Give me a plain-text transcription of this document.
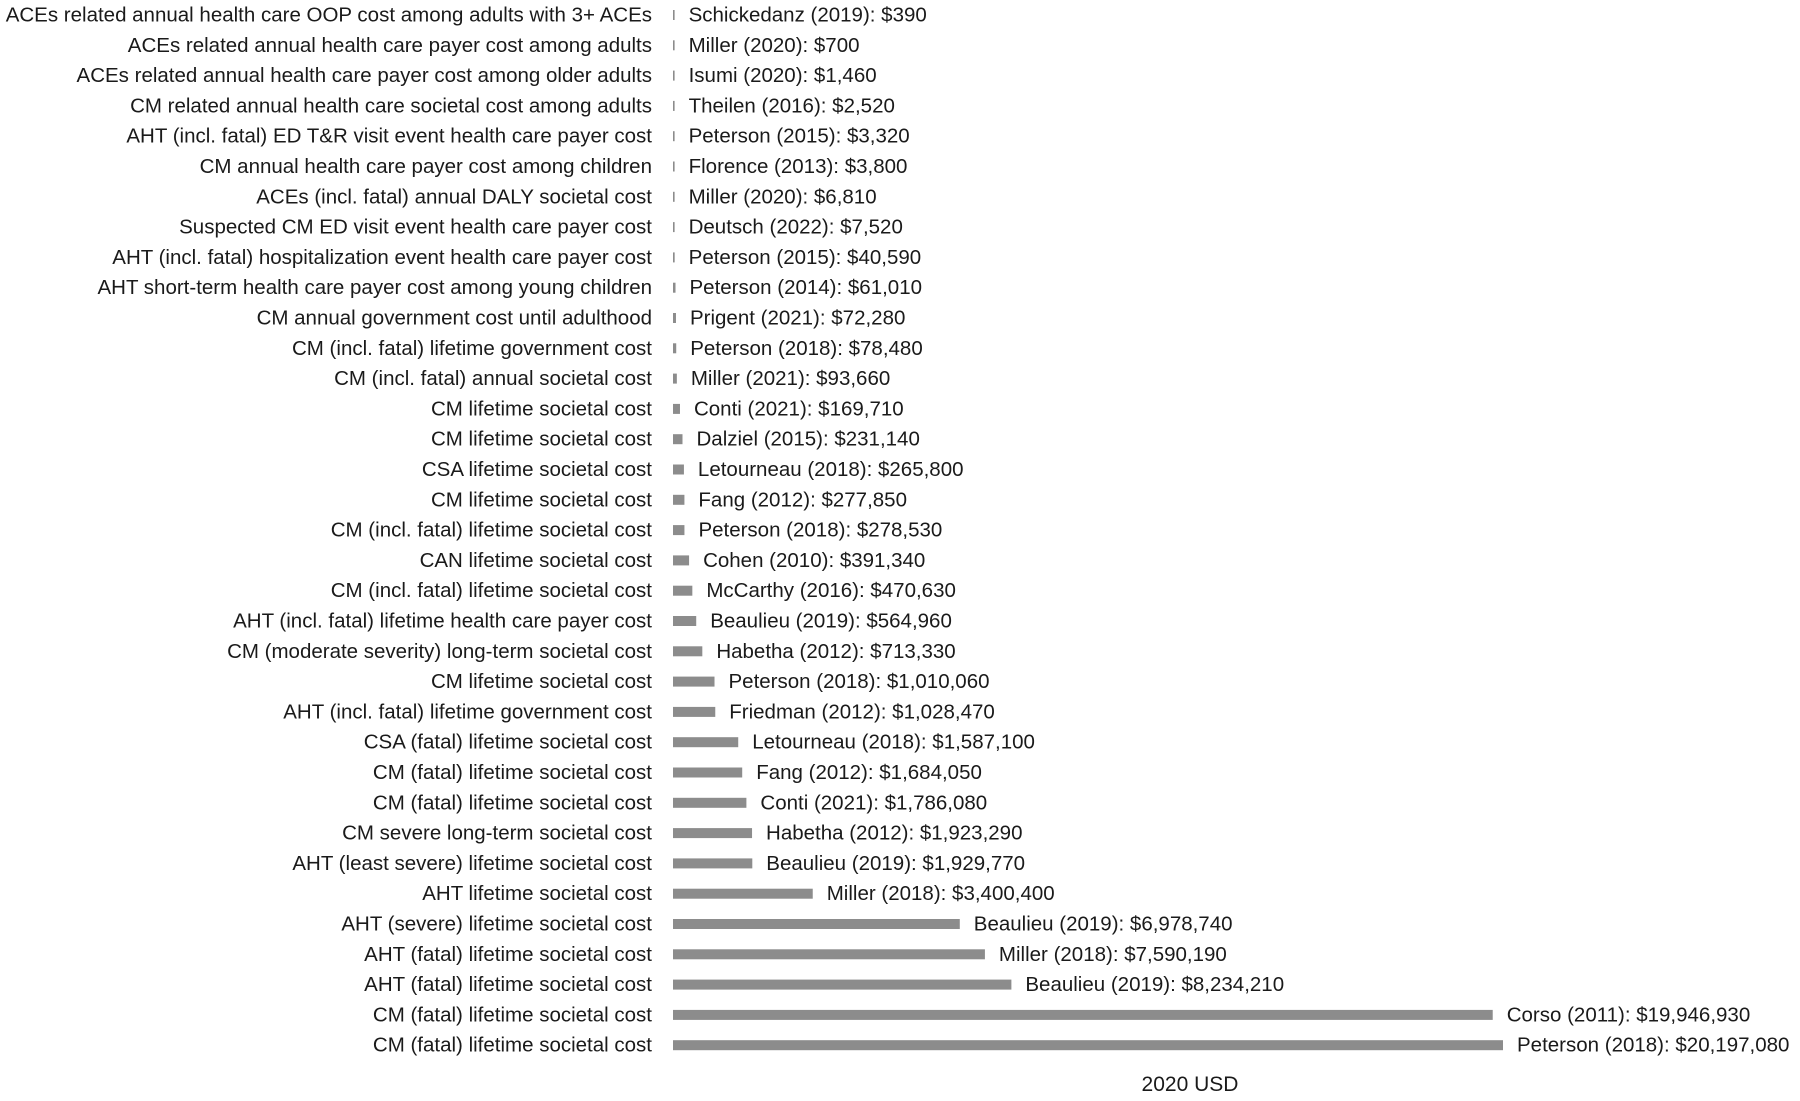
ACEs related annual health care OOP cost among adults with 3+ ACEs
ACEs related annual health care payer cost among adults
ACEs related annual health care payer cost among older adults
CM related annual health care societal cost among adults
AHT (incl. fatal) ED T&R visit event health care payer cost
CM annual health care payer cost among children
ACEs (incl. fatal) annual DALY societal cost
Suspected CM ED visit event health care payer cost
AHT (incl. fatal) hospitalization event health care payer cost
AHT short-term health care payer cost among young children
CM annual government cost until adulthood
CM (incl. fatal) lifetime government cost
CM (incl. fatal) annual societal cost
CM lifetime societal cost
CM lifetime societal cost
CSA lifetime societal cost
CM lifetime societal cost
CM (incl. fatal) lifetime societal cost
CAN lifetime societal cost
CM (incl. fatal) lifetime societal cost
AHT (incl. fatal) lifetime health care payer cost
CM (moderate severity) long-term societal cost
CM lifetime societal cost
AHT (incl. fatal) lifetime government cost
CSA (fatal) lifetime societal cost
CM (fatal) lifetime societal cost
CM (fatal) lifetime societal cost
CM severe long-term societal cost
AHT (least severe) lifetime societal cost
AHT lifetime societal cost
AHT (severe) lifetime societal cost
AHT (fatal) lifetime societal cost
AHT (fatal) lifetime societal cost
CM (fatal) lifetime societal cost
CM (fatal) lifetime societal cost
Schickedanz (2019): $390
Miller (2020): $700
Isumi (2020): $1,460
Theilen (2016): $2,520
Peterson (2015): $3,320
Florence (2013): $3,800
Miller (2020): $6,810
Deutsch (2022): $7,520
Peterson (2015): $40,590
Peterson (2014): $61,010
Prigent (2021): $72,280
Peterson (2018): $78,480
Miller (2021): $93,660
Conti (2021): $169,710
Dalziel (2015): $231,140
Letourneau (2018): $265,800
Fang (2012): $277,850
Peterson (2018): $278,530
Cohen (2010): $391,340
McCarthy (2016): $470,630
Beaulieu (2019): $564,960
Habetha (2012): $713,330
Peterson (2018): $1,010,060
Friedman (2012): $1,028,470
Letourneau (2018): $1,587,100
Fang (2012): $1,684,050
Conti (2021): $1,786,080
Habetha (2012): $1,923,290
Beaulieu (2019): $1,929,770
Miller (2018): $3,400,400
Beaulieu (2019): $6,978,740
Miller (2018): $7,590,190
Beaulieu (2019): $8,234,210
Corso (2011): $19,946,930
Peterson (2018): $20,197,080
2020 USD
